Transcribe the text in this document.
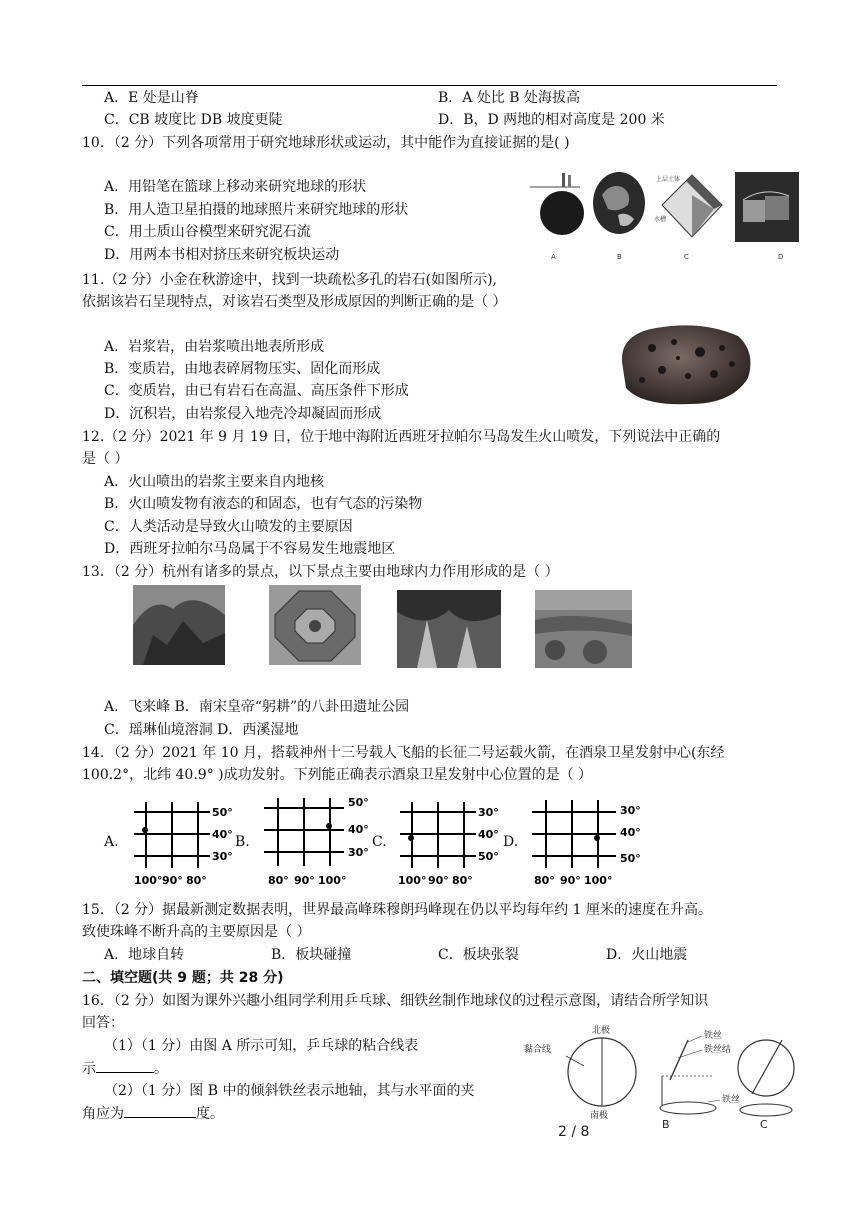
A．E 处是山脊	B．A 处比 B 处海拔高
C．CB 坡度比 DB 坡度更陡	D．B，D 两地的相对高度是 200 米
10．（2 分）下列各项常用于研究地球形状或运动，其中能作为直接证据的是( )
A．用铅笔在篮球上移动来研究地球的形状
B．用人造卫星拍摄的地球照片来研究地球的形状
C．用土质山谷模型来研究泥石流
D．用两本书相对挤压来研究板块运动
上层土体
水槽
A	B	C	D
11.（2 分）小金在秋游途中，找到一块疏松多孔的岩石(如图所示),
依据该岩石呈现特点，对该岩石类型及形成原因的判断正确的是（ ）
A．岩浆岩，由岩浆喷出地表所形成
B．变质岩，由地表碎屑物压实、固化而形成
C．变质岩，由已有岩石在高温、高压条件下形成
D．沉积岩，由岩浆侵入地壳冷却凝固而形成
12.（2 分）2021 年 9 月 19 日，位于地中海附近西班牙拉帕尔马岛发生火山喷发，下列说法中正确的
是（ ）
A．火山喷出的岩浆主要来自内地核
B．火山喷发物有液态的和固态，也有气态的污染物
C．人类活动是导致火山喷发的主要原因
D．西班牙拉帕尔马岛属于不容易发生地震地区
13．（2 分）杭州有诸多的景点，以下景点主要由地球内力作用形成的是（ ）
A．飞来峰 B．南宋皇帝“躬耕”的八卦田遗址公园
C．瑶琳仙境溶洞 D．西溪湿地
14．（2 分）2021 年 10 月，搭载神州十三号载人飞船的长征二号运载火箭，在酒泉卫星发射中心(东经
100.2°，北纬 40.9° )成功发射。下列能正确表示酒泉卫星发射中心位置的是（ ）
A.
50°
40°
30°
100° 90° 80°
B.
50°
40°
30°
80° 90° 100°
C.
30°
40°
50°
100° 90° 80°
D.
30°
40°
50°
80° 90° 100°
15．（2 分）据最新测定数据表明，世界最高峰珠穆朗玛峰现在仍以平均每年约 1 厘米的速度在升高。
致使珠峰不断升高的主要原因是（ ）
A．地球自转	B．板块碰撞	C．板块张裂	D．火山地震
二、填空题(共 9 题；共 28 分)
16．（2 分）如图为课外兴趣小组同学利用乒乓球、细铁丝制作地球仪的过程示意图，请结合所学知识
回答：
（1）（1 分）由图 A 所示可知，乒乓球的粘合线表
示	。
（2）（1 分）图 B 中的倾斜铁丝表示地轴，其与水平面的夹
角应为	度。
北极
南极
黏合线
铁丝
铁丝结
铁丝
B	C
2 / 8
